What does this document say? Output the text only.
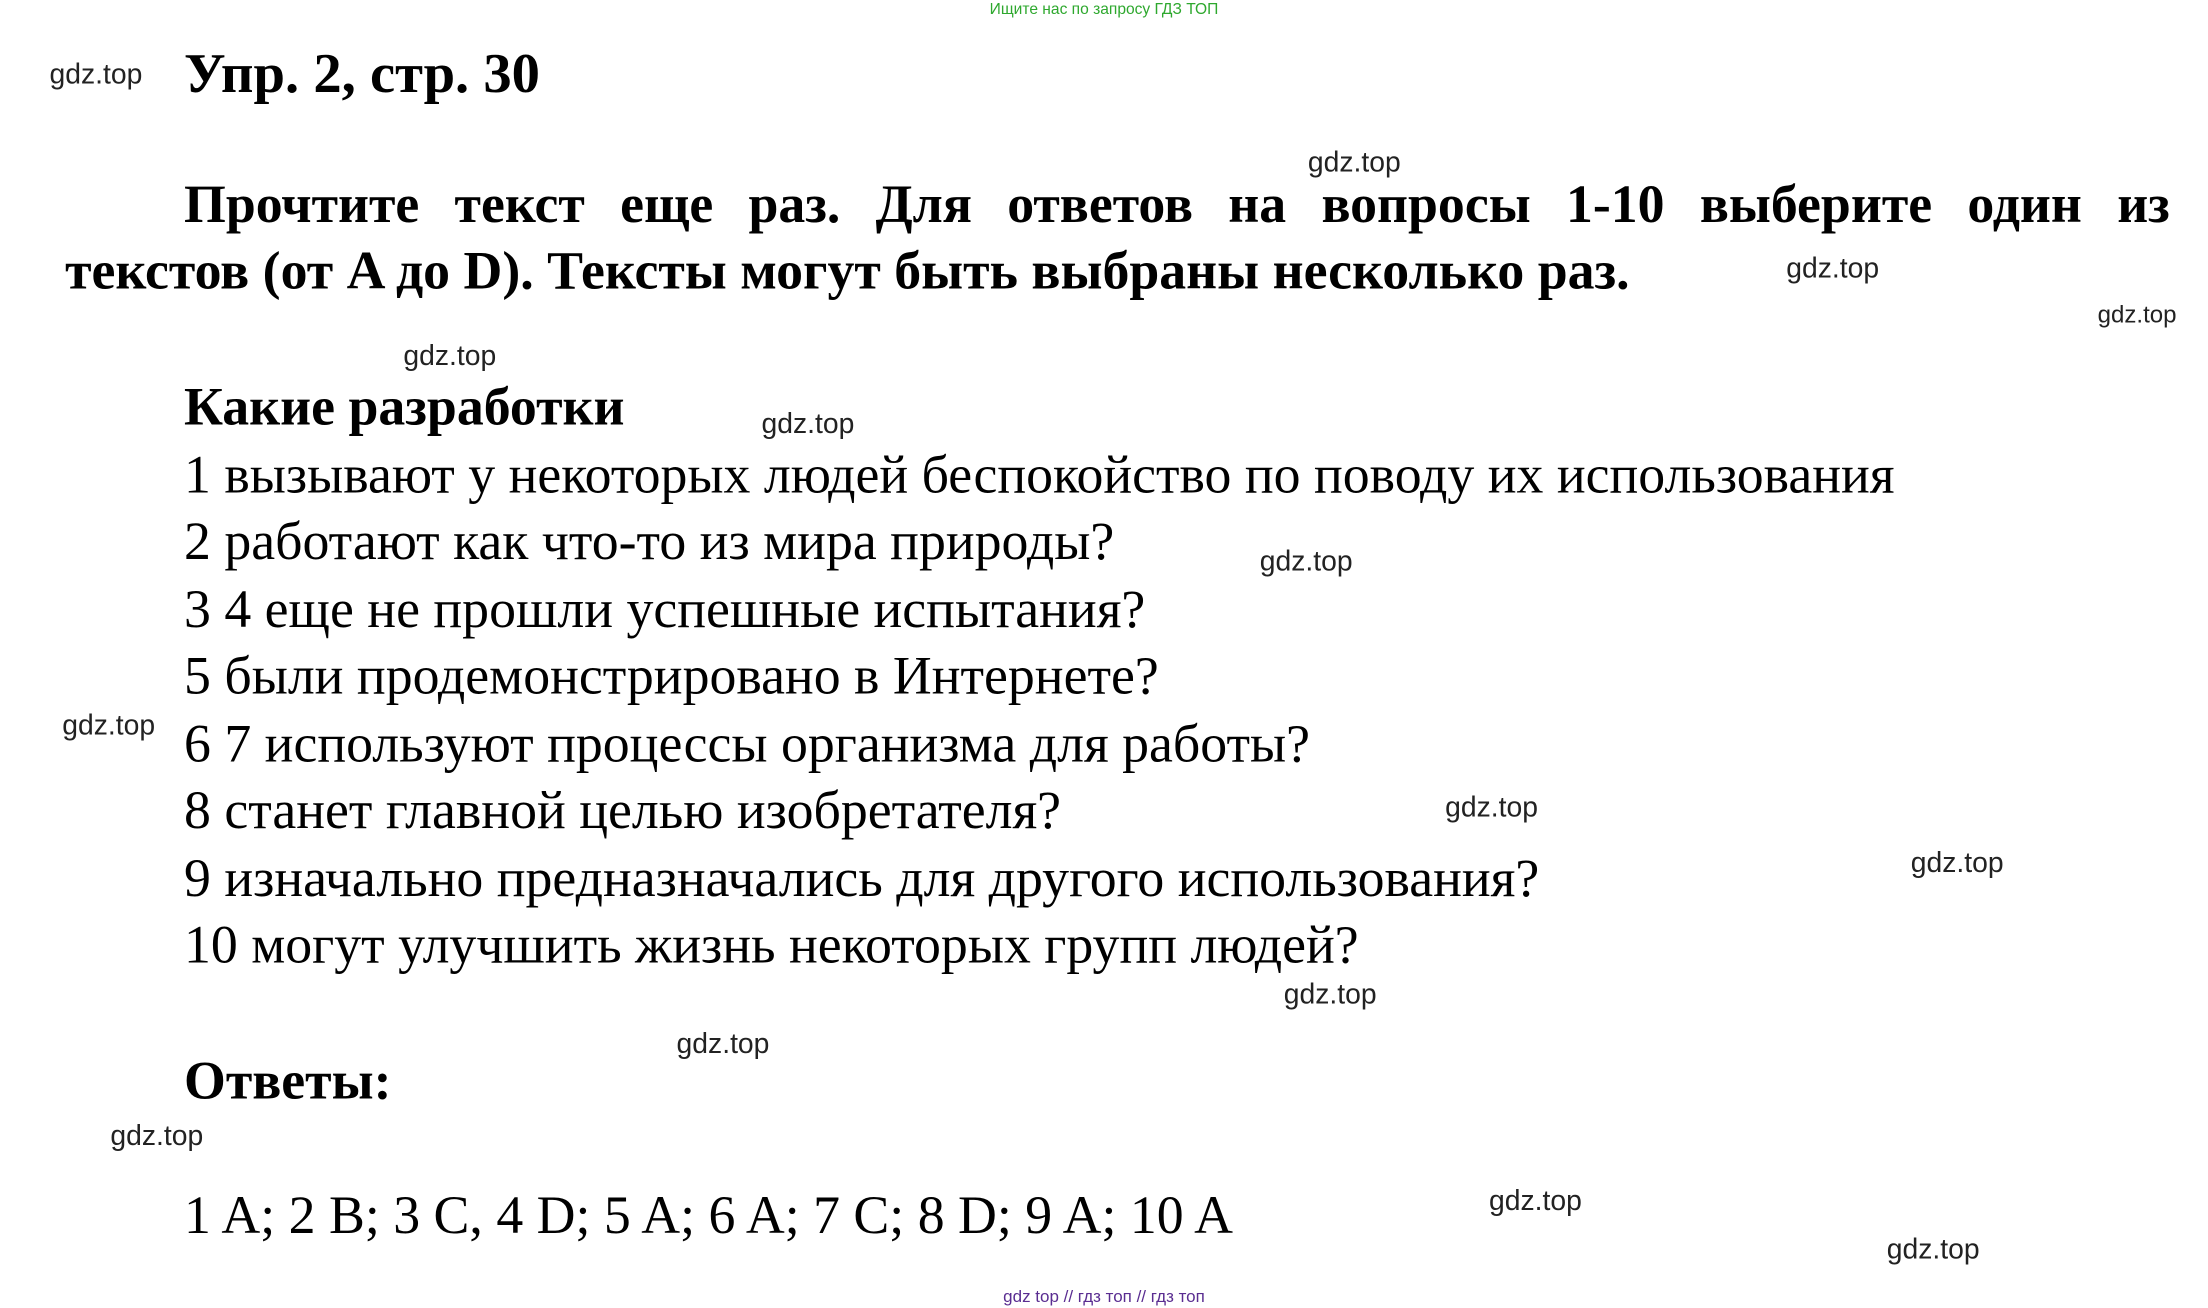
Ищите нас по запросу ГДЗ ТОП
Упр. 2, стр. 30
Прочтите текст еще раз. Для ответов на вопросы 1-10 выберите один из
текстов (от A до D). Тексты могут быть выбраны несколько раз.
Какие разработки
1 вызывают у некоторых людей беспокойство по поводу их использования
2 работают как что-то из мира природы?
3 4 еще не прошли успешные испытания?
5 были продемонстрировано в Интернете?
6 7 используют процессы организма для работы?
8 станет главной целью изобретателя?
9 изначально предназначались для другого использования?
10 могут улучшить жизнь некоторых групп людей?
Ответы:
1 A; 2 B; 3 C, 4 D; 5 A; 6 A; 7 C; 8 D; 9 A; 10 A
gdz.top
gdz.top
gdz.top
gdz.top
gdz.top
gdz.top
gdz.top
gdz.top
gdz.top
gdz.top
gdz.top
gdz.top
gdz.top
gdz.top
gdz.top
gdz top // гдз топ // гдз топ
